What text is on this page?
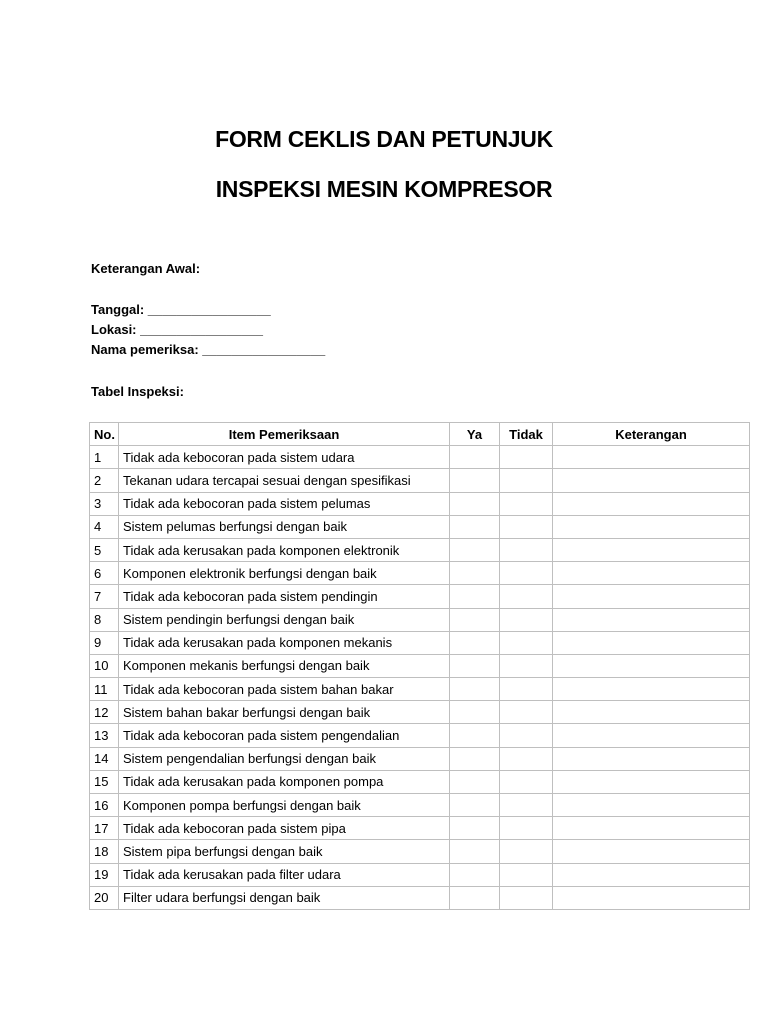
FORM CEKLIS DAN PETUNJUK
INSPEKSI MESIN KOMPRESOR
Keterangan Awal:
Tanggal: _________________
Lokasi: _________________
Nama pemeriksa: _________________
Tabel Inspeksi:
No.	Item Pemeriksaan	Ya	Tidak	Keterangan
1	Tidak ada kebocoran pada sistem udara			
2	Tekanan udara tercapai sesuai dengan spesifikasi			
3	Tidak ada kebocoran pada sistem pelumas			
4	Sistem pelumas berfungsi dengan baik			
5	Tidak ada kerusakan pada komponen elektronik			
6	Komponen elektronik berfungsi dengan baik			
7	Tidak ada kebocoran pada sistem pendingin			
8	Sistem pendingin berfungsi dengan baik			
9	Tidak ada kerusakan pada komponen mekanis			
10	Komponen mekanis berfungsi dengan baik			
11	Tidak ada kebocoran pada sistem bahan bakar			
12	Sistem bahan bakar berfungsi dengan baik			
13	Tidak ada kebocoran pada sistem pengendalian			
14	Sistem pengendalian berfungsi dengan baik			
15	Tidak ada kerusakan pada komponen pompa			
16	Komponen pompa berfungsi dengan baik			
17	Tidak ada kebocoran pada sistem pipa			
18	Sistem pipa berfungsi dengan baik			
19	Tidak ada kerusakan pada filter udara			
20	Filter udara berfungsi dengan baik			
